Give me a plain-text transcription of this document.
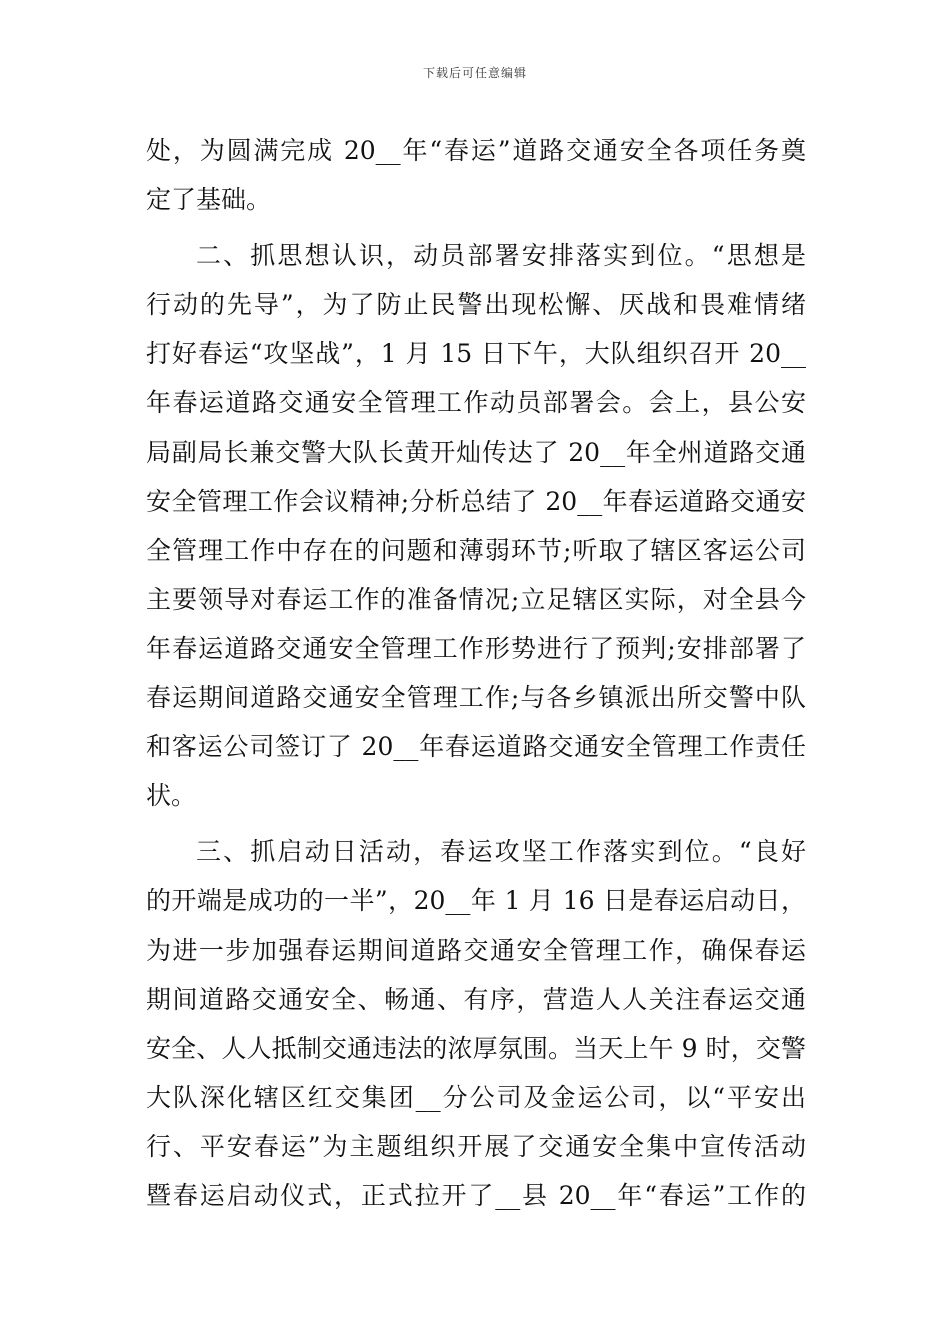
下载后可任意编辑
处，为圆满完成 20__年“春运”道路交通安全各项任务奠
定了基础。
二、抓思想认识，动员部署安排落实到位。“思想是
行动的先导”，为了防止民警出现松懈、厌战和畏难情绪
打好春运“攻坚战”，1 月 15 日下午，大队组织召开 20__
年春运道路交通安全管理工作动员部署会。会上，县公安
局副局长兼交警大队长黄开灿传达了 20__年全州道路交通
安全管理工作会议精神;分析总结了 20__年春运道路交通安
全管理工作中存在的问题和薄弱环节;听取了辖区客运公司
主要领导对春运工作的准备情况;立足辖区实际，对全县今
年春运道路交通安全管理工作形势进行了预判;安排部署了
春运期间道路交通安全管理工作;与各乡镇派出所交警中队
和客运公司签订了 20__年春运道路交通安全管理工作责任
状。
三、抓启动日活动，春运攻坚工作落实到位。“良好
的开端是成功的一半”，20__年 1 月 16 日是春运启动日，
为进一步加强春运期间道路交通安全管理工作，确保春运
期间道路交通安全、畅通、有序，营造人人关注春运交通
安全、人人抵制交通违法的浓厚氛围。当天上午 9 时，交警
大队深化辖区红交集团__分公司及金运公司，以“平安出
行、平安春运”为主题组织开展了交通安全集中宣传活动
暨春运启动仪式，正式拉开了__县 20__年“春运”工作的
